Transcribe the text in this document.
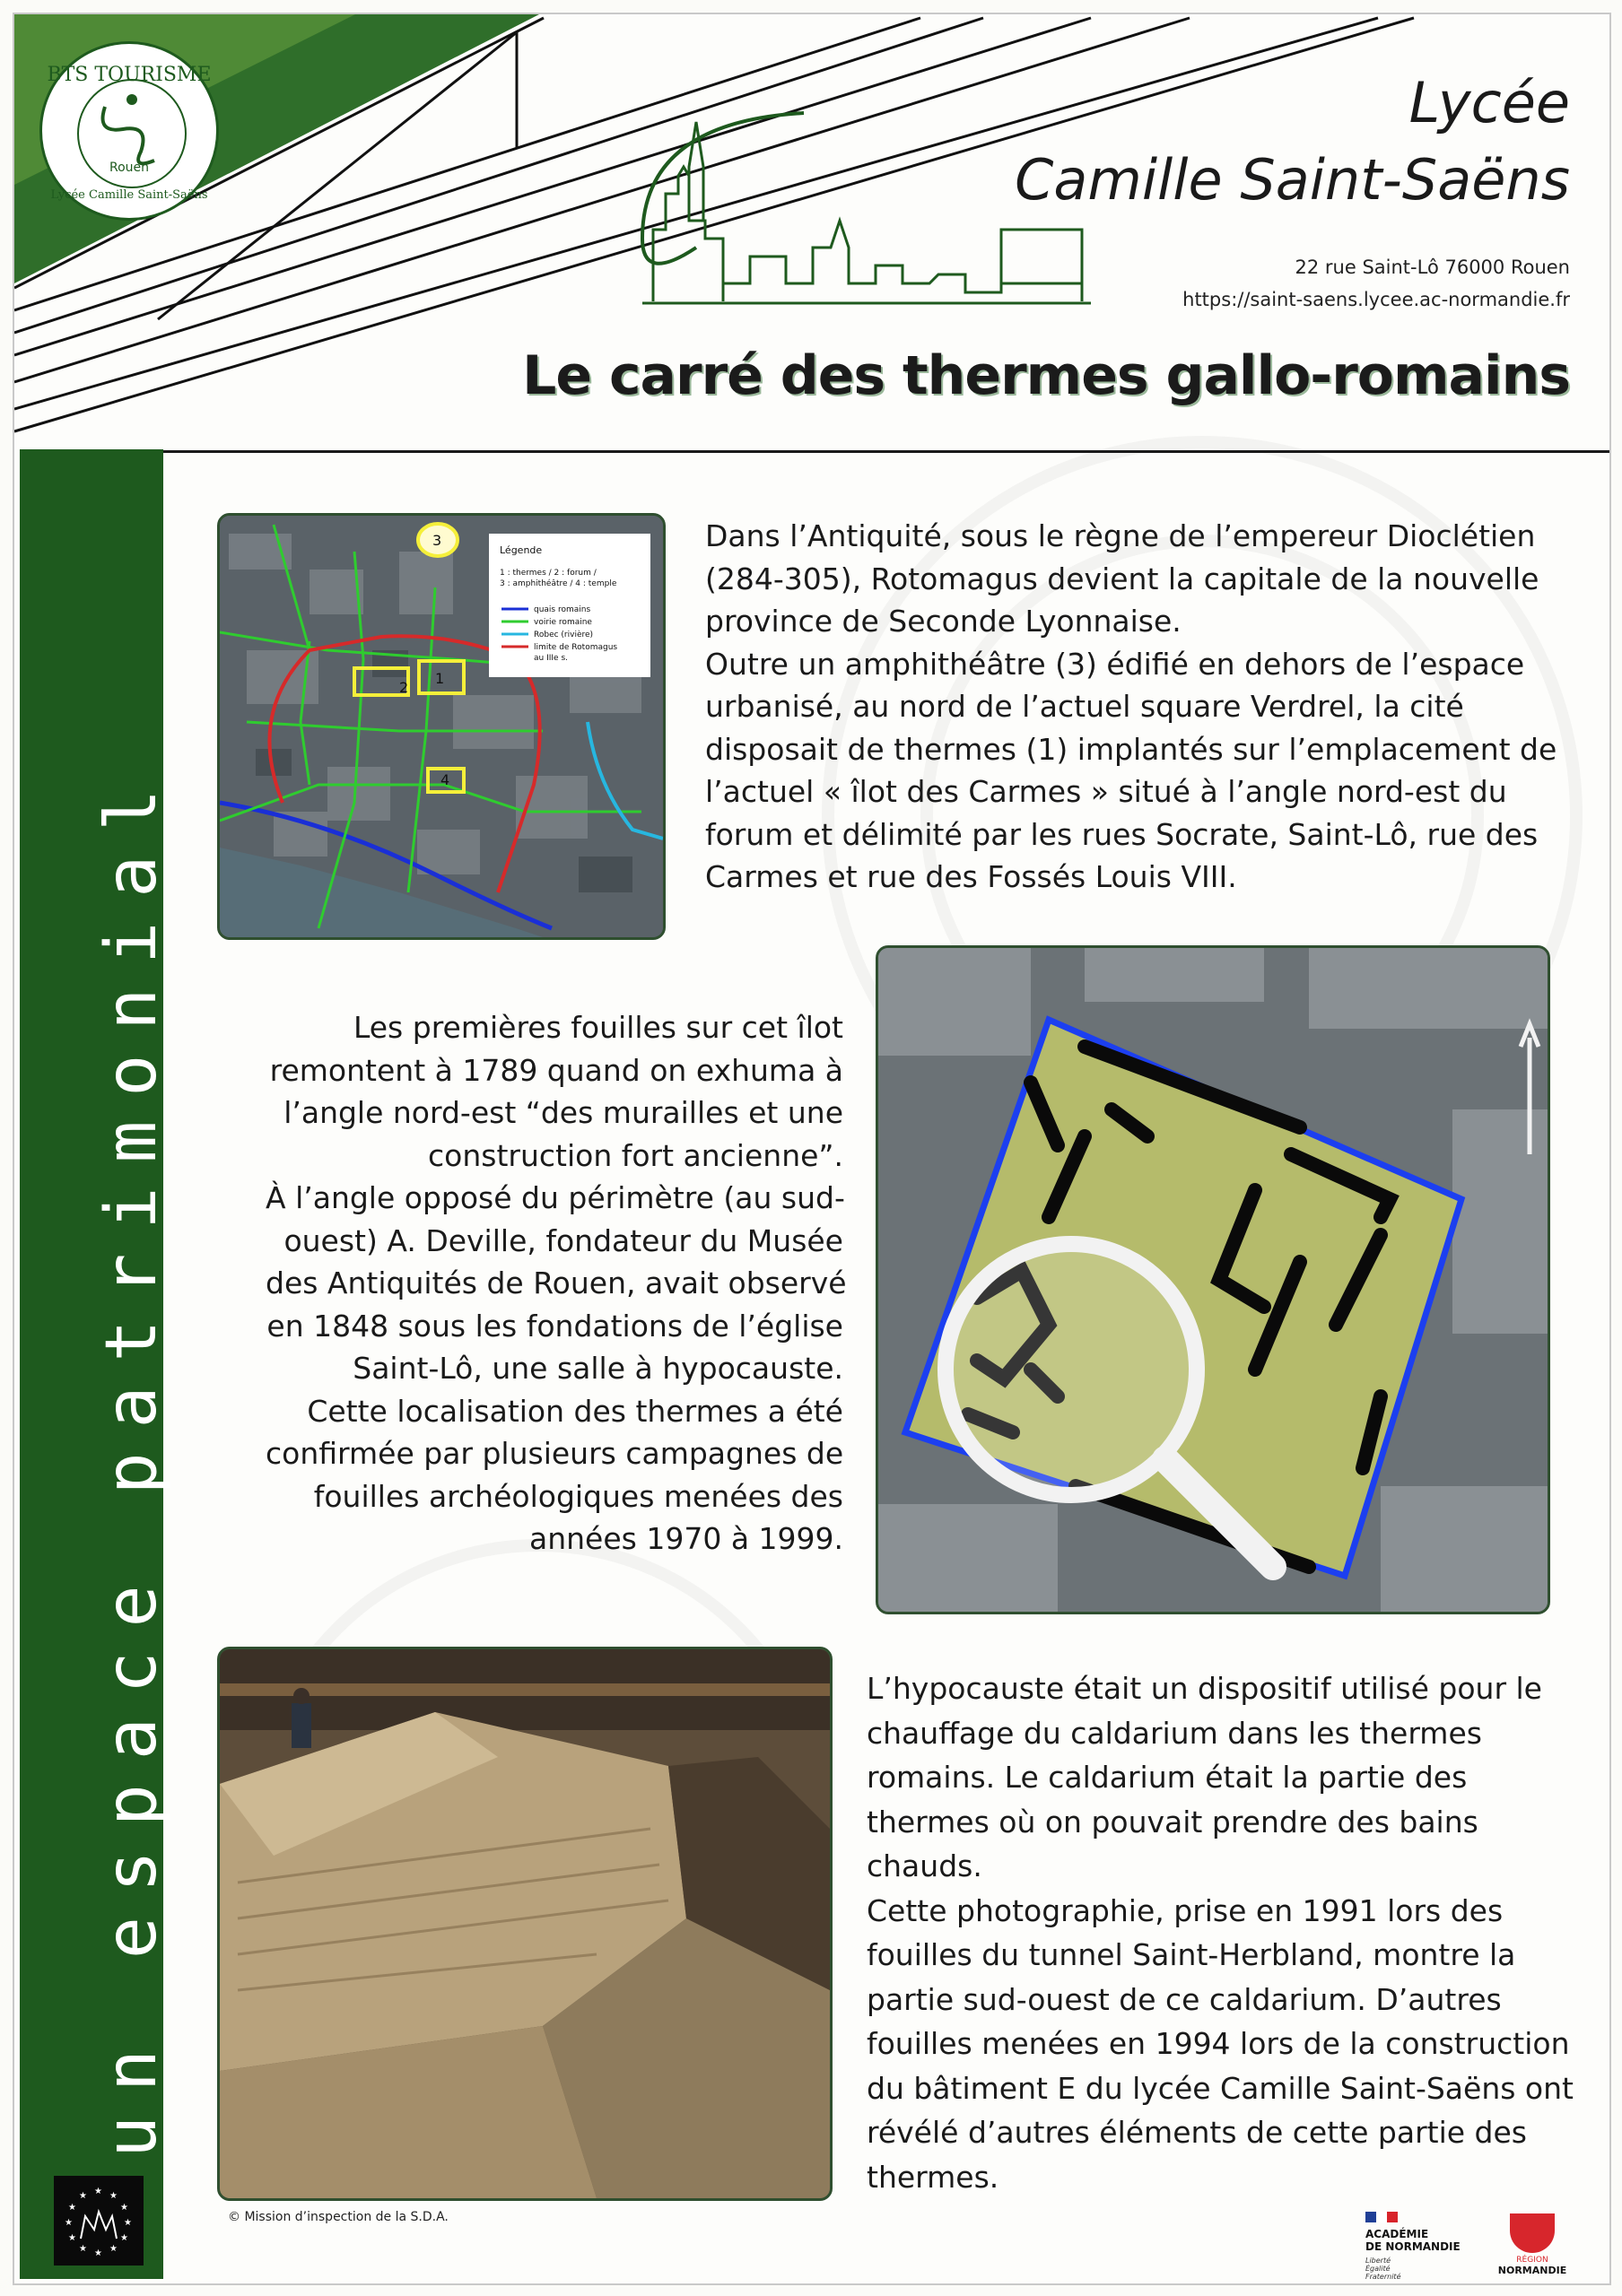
BTS TOURISME
Rouen
Lycée Camille Saint-Saëns
Lycée
Camille Saint-Saëns
22 rue Saint-Lô 76000 Rouen
https://saint-saens.lycee.ac-normandie.fr
Le carré des thermes gallo-romains
un espace patrimonial
★ ★
★
★
★
★
★
★
★
★
★
★
2
1
4
3
Légende
1 : thermes / 2 : forum /
3 : amphithéâtre / 4 : temple
quais romains
voirie romaine
Robec (rivière)
limite de Rotomagus
au IIIe s.
Dans l’Antiquité, sous le règne de l’empereur Dioclétien
(284-305), Rotomagus devient la capitale de la nouvelle
province de Seconde Lyonnaise.
Outre un amphithéâtre (3) édifié en dehors de l’espace
urbanisé, au nord de l’actuel square Verdrel, la cité
disposait de thermes (1) implantés sur l’emplacement de
l’actuel « îlot des Carmes » situé à l’angle nord-est du
forum et délimité par les rues Socrate, Saint-Lô, rue des
Carmes et rue des Fossés Louis VIII.
Les premières fouilles sur cet îlot
remontent à 1789 quand on exhuma à
l’angle nord-est “des murailles et une
construction fort ancienne”.
À l’angle opposé du périmètre (au sud-
ouest) A. Deville, fondateur du Musée
des Antiquités de Rouen, avait observé
en 1848 sous les fondations de l’église
Saint-Lô, une salle à hypocauste.
Cette localisation des thermes a été
confirmée par plusieurs campagnes de
fouilles archéologiques menées des
années 1970 à 1999.
L’hypocauste était un dispositif utilisé pour le
chauffage du caldarium dans les thermes
romains. Le caldarium était la partie des
thermes où on pouvait prendre des bains
chauds.
Cette photographie, prise en 1991 lors des
fouilles du tunnel Saint-Herbland, montre la
partie sud-ouest de ce caldarium. D’autres
fouilles menées en 1994 lors de la construction
du bâtiment E du lycée Camille Saint-Saëns ont
révélé d’autres éléments de cette partie des
thermes.
© Mission d’inspection de la S.D.A.
ACADÉMIE
DE NORMANDIE
Liberté
Égalité
Fraternité
RÉGION
NORMANDIE
